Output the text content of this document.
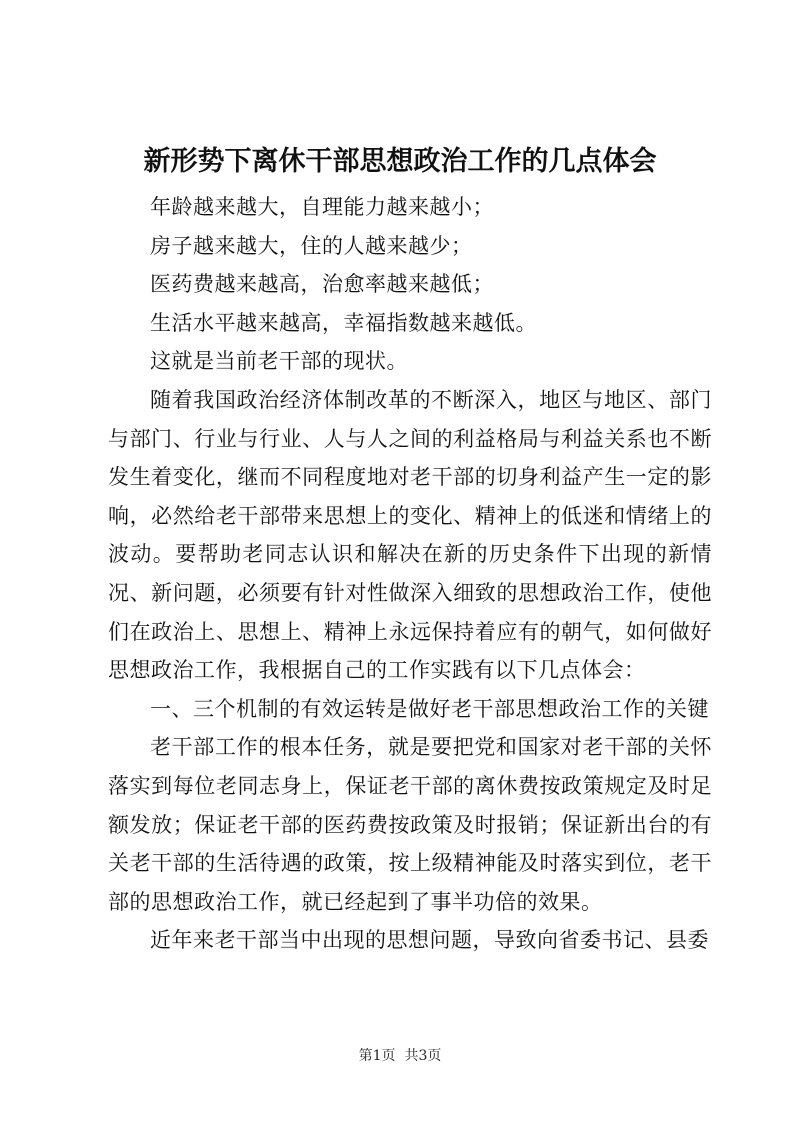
新形势下离休干部思想政治工作的几点体会

年龄越来越大，自理能力越来越小；

房子越来越大，住的人越来越少；

医药费越来越高，治愈率越来越低；

生活水平越来越高，幸福指数越来越低。

这就是当前老干部的现状。

随着我国政治经济体制改革的不断深入，地区与地区、部门与部门、行业与行业、人与人之间的利益格局与利益关系也不断发生着变化，继而不同程度地对老干部的切身利益产生一定的影响，必然给老干部带来思想上的变化、精神上的低迷和情绪上的波动。要帮助老同志认识和解决在新的历史条件下出现的新情况、新问题，必须要有针对性做深入细致的思想政治工作，使他们在政治上、思想上、精神上永远保持着应有的朝气，如何做好思想政治工作，我根据自己的工作实践有以下几点体会：

一、三个机制的有效运转是做好老干部思想政治工作的关键

老干部工作的根本任务，就是要把党和国家对老干部的关怀落实到每位老同志身上，保证老干部的离休费按政策规定及时足额发放；保证老干部的医药费按政策及时报销；保证新出台的有关老干部的生活待遇的政策，按上级精神能及时落实到位，老干部的思想政治工作，就已经起到了事半功倍的效果。

近年来老干部当中出现的思想问题，导致向省委书记、县委

第1页  共3页
